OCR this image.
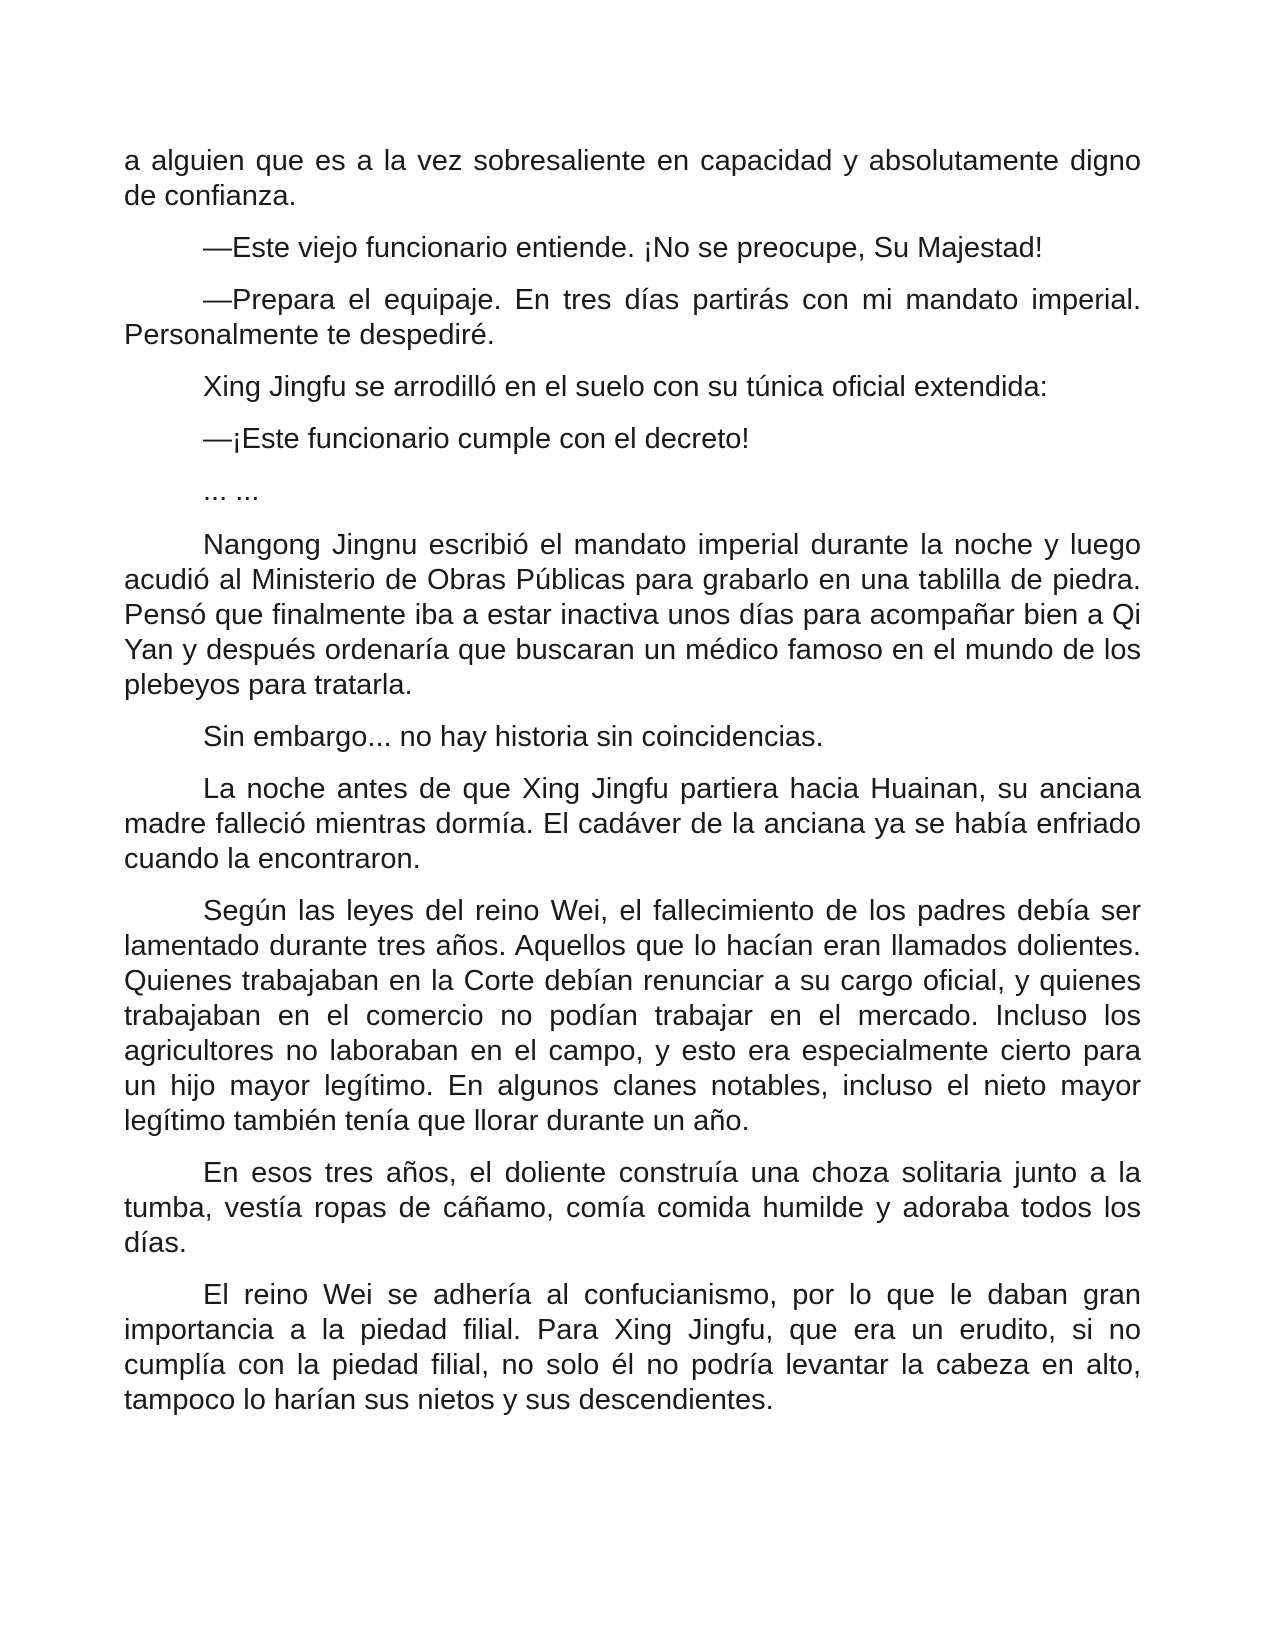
a alguien que es a la vez sobresaliente en capacidad y absolutamente digno de confianza.

—Este viejo funcionario entiende. ¡No se preocupe, Su Majestad!

—Prepara el equipaje. En tres días partirás con mi mandato imperial. Personalmente te despediré.

Xing Jingfu se arrodilló en el suelo con su túnica oficial extendida:

—¡Este funcionario cumple con el decreto!

... ...

Nangong Jingnu escribió el mandato imperial durante la noche y luego acudió al Ministerio de Obras Públicas para grabarlo en una tablilla de piedra. Pensó que finalmente iba a estar inactiva unos días para acompañar bien a Qi Yan y después ordenaría que buscaran un médico famoso en el mundo de los plebeyos para tratarla.

Sin embargo... no hay historia sin coincidencias.

La noche antes de que Xing Jingfu partiera hacia Huainan, su anciana madre falleció mientras dormía. El cadáver de la anciana ya se había enfriado cuando la encontraron.

Según las leyes del reino Wei, el fallecimiento de los padres debía ser lamentado durante tres años. Aquellos que lo hacían eran llamados dolientes. Quienes trabajaban en la Corte debían renunciar a su cargo oficial, y quienes trabajaban en el comercio no podían trabajar en el mercado. Incluso los agricultores no laboraban en el campo, y esto era especialmente cierto para un hijo mayor legítimo. En algunos clanes notables, incluso el nieto mayor legítimo también tenía que llorar durante un año.

En esos tres años, el doliente construía una choza solitaria junto a la tumba, vestía ropas de cáñamo, comía comida humilde y adoraba todos los días.

El reino Wei se adhería al confucianismo, por lo que le daban gran importancia a la piedad filial. Para Xing Jingfu, que era un erudito, si no cumplía con la piedad filial, no solo él no podría levantar la cabeza en alto, tampoco lo harían sus nietos y sus descendientes.
